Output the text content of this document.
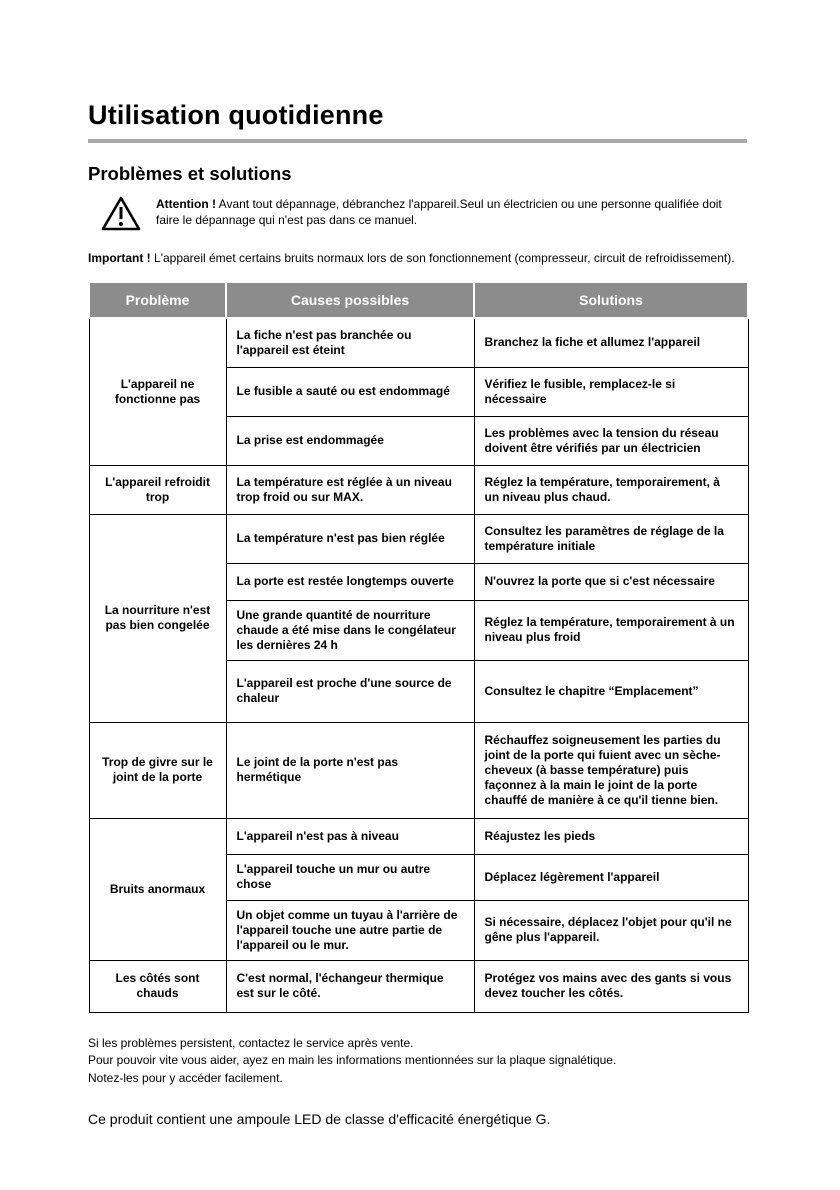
Utilisation quotidienne
Problèmes et solutions

Attention ! Avant tout dépannage, débranchez l'appareil.Seul un électricien ou une personne qualifiée doit faire le dépannage qui n'est pas dans ce manuel.

Important ! L'appareil émet certains bruits normaux lors de son fonctionnement (compresseur, circuit de refroidissement).

Problème	Causes possibles	Solutions
L'appareil ne fonctionne pas	La fiche n'est pas branchée ou l'appareil est éteint	Branchez la fiche et allumez l'appareil
	Le fusible a sauté ou est endommagé	Vérifiez le fusible, remplacez-le si nécessaire
	La prise est endommagée	Les problèmes avec la tension du réseau doivent être vérifiés par un électricien
L'appareil refroidit trop	La température est réglée à un niveau trop froid ou sur MAX.	Réglez la température, temporairement, à un niveau plus chaud.
La nourriture n'est pas bien congelée	La température n'est pas bien réglée	Consultez les paramètres de réglage de la température initiale
	La porte est restée longtemps ouverte	N'ouvrez la porte que si c'est nécessaire
	Une grande quantité de nourriture chaude a été mise dans le congélateur les dernières 24 h	Réglez la température, temporairement à un niveau plus froid
	L'appareil est proche d'une source de chaleur	Consultez le chapitre “Emplacement”
Trop de givre sur le joint de la porte	Le joint de la porte n'est pas hermétique	Réchauffez soigneusement les parties du joint de la porte qui fuient avec un sèche-cheveux (à basse température) puis façonnez à la main le joint de la porte chauffé de manière à ce qu'il tienne bien.
Bruits anormaux	L'appareil n'est pas à niveau	Réajustez les pieds
	L'appareil touche un mur ou autre chose	Déplacez légèrement l'appareil
	Un objet comme un tuyau à l'arrière de l'appareil touche une autre partie de l'appareil ou le mur.	Si nécessaire, déplacez l'objet pour qu'il ne gêne plus l'appareil.
Les côtés sont chauds	C'est normal, l'échangeur thermique est sur le côté.	Protégez vos mains avec des gants si vous devez toucher les côtés.

Si les problèmes persistent, contactez le service après vente.

Pour pouvoir vite vous aider, ayez en main les informations mentionnées sur la plaque signalétique.

Notez-les pour y accéder facilement.

Ce produit contient une ampoule LED de classe d'efficacité énergétique G.
